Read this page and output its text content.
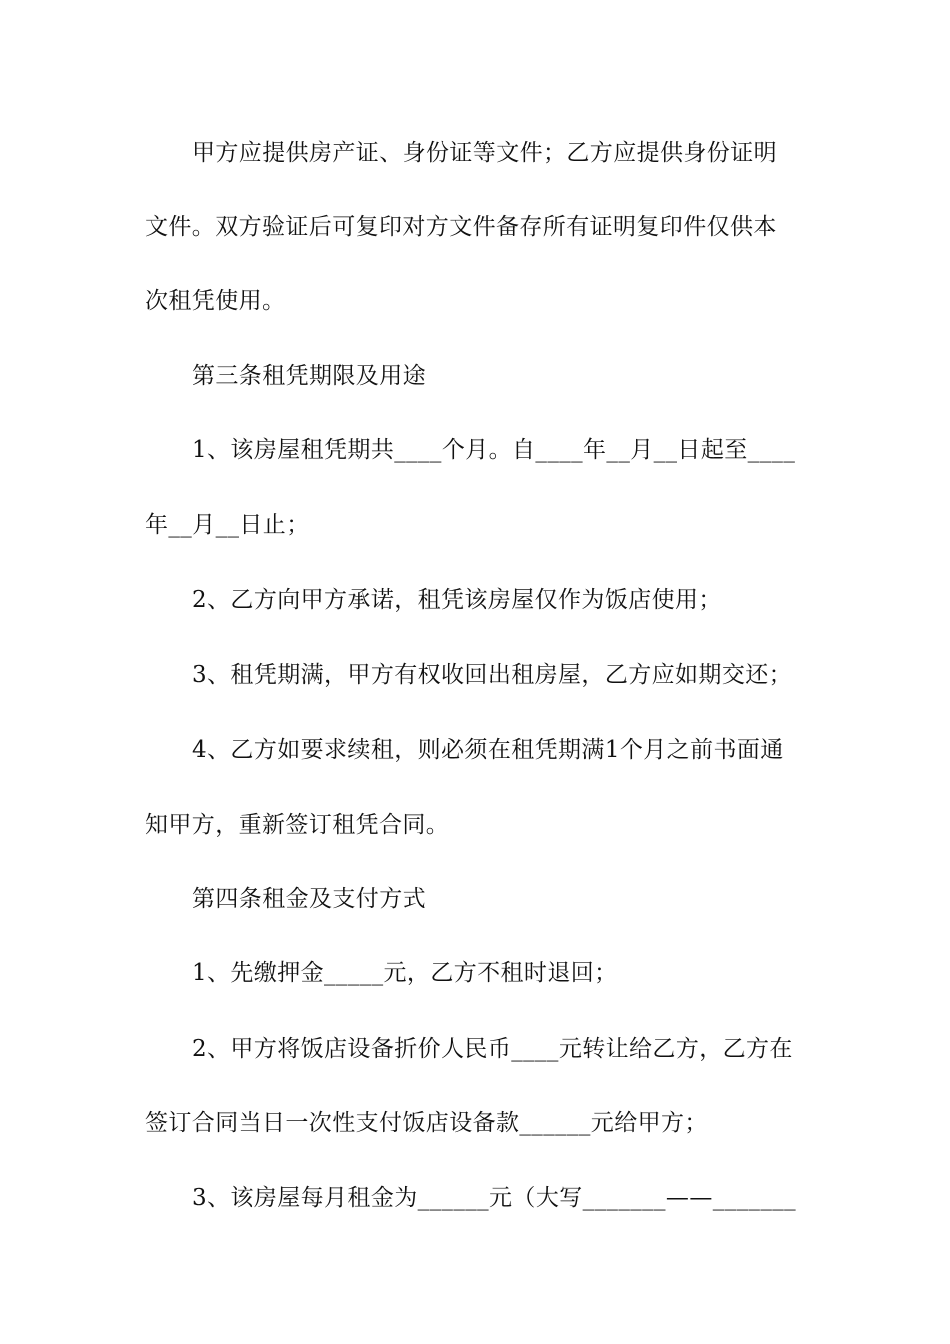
甲方应提供房产证、身份证等文件；乙方应提供身份证明
文件。双方验证后可复印对方文件备存所有证明复印件仅供本
次租凭使用。
第三条租凭期限及用途
1、该房屋租凭期共____个月。自____年__月__日起至____
年__月__日止；
2、乙方向甲方承诺，租凭该房屋仅作为饭店使用；
3、租凭期满，甲方有权收回出租房屋，乙方应如期交还；
4、乙方如要求续租，则必须在租凭期满1个月之前书面通
知甲方，重新签订租凭合同。
第四条租金及支付方式
1、先缴押金_____元，乙方不租时退回；
2、甲方将饭店设备折价人民币____元转让给乙方，乙方在
签订合同当日一次性支付饭店设备款______元给甲方；
3、该房屋每月租金为______元（大写_______——_______
